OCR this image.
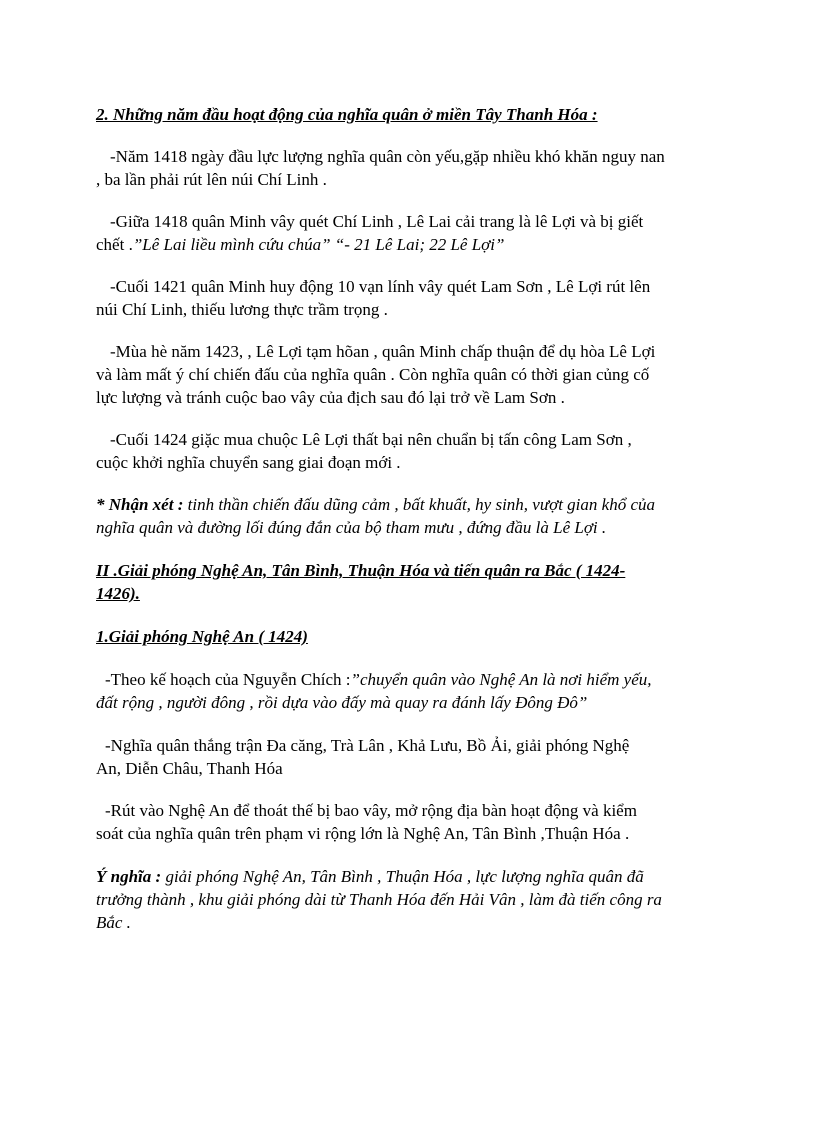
2. Những năm đầu hoạt động của nghĩa quân ở miền Tây Thanh Hóa :
-Năm 1418 ngày đầu lực lượng nghĩa quân còn yếu,gặp nhiều khó khăn nguy nan
, ba lần phải rút lên núi Chí Linh .
-Giữa 1418 quân Minh vây quét Chí Linh , Lê Lai cải trang là lê Lợi và bị giết
chết .”Lê Lai liều mình cứu chúa” “- 21 Lê Lai; 22 Lê Lợi”
-Cuối 1421 quân Minh huy động 10 vạn lính vây quét Lam Sơn , Lê Lợi rút lên
núi Chí Linh, thiếu lương thực trầm trọng .
-Mùa hè năm 1423, , Lê Lợi tạm hõan , quân Minh chấp thuận để dụ hòa Lê Lợi
và làm mất ý chí chiến đấu của nghĩa quân . Còn nghĩa quân có thời gian củng cố
lực lượng và tránh cuộc bao vây của địch sau đó lại trở về Lam Sơn .
-Cuối 1424 giặc mua chuộc Lê Lợi thất bại nên chuẩn bị tấn công Lam Sơn ,
cuộc khởi nghĩa chuyển sang giai đoạn mới .
* Nhận xét : tinh thần chiến đấu dũng cảm , bất khuất, hy sinh, vượt gian khổ của
nghĩa quân và đường lối đúng đắn của bộ tham mưu , đứng đầu là Lê Lợi .
II .Giải phóng Nghệ An, Tân Bình, Thuận Hóa và tiến quân ra Bắc ( 1424-
1426).
1.Giải phóng Nghệ An ( 1424)
-Theo kế hoạch của Nguyễn Chích :”chuyển quân vào Nghệ An là nơi hiểm yếu,
đất rộng , người đông , rồi dựa vào đấy mà quay ra đánh lấy Đông Đô”
-Nghĩa quân thắng trận Đa căng, Trà Lân , Khả Lưu, Bồ Ải, giải phóng Nghệ
An, Diễn Châu, Thanh Hóa
-Rút vào Nghệ An để thoát thế bị bao vây, mở rộng địa bàn hoạt động và kiểm
soát của nghĩa quân trên phạm vi rộng lớn là Nghệ An, Tân Bình ,Thuận Hóa .
Ý nghĩa : giải phóng Nghệ An, Tân Bình , Thuận Hóa , lực lượng nghĩa quân đã
trưởng thành , khu giải phóng dài từ Thanh Hóa đến Hải Vân , làm đà tiến công ra
Bắc .
